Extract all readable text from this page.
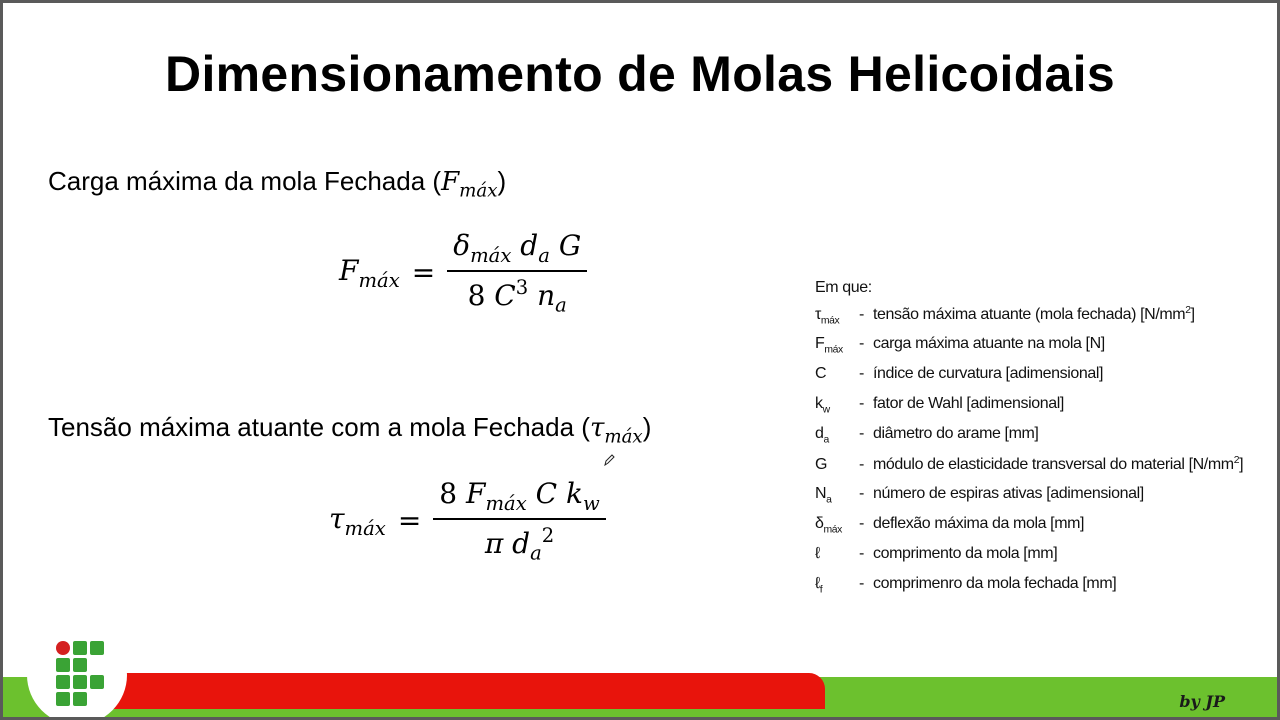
Dimensionamento de Molas Helicoidais
Carga máxima da mola Fechada $(F_{máx})$
$F_{máx} = \frac{\delta_{máx} d_a G}{8 C^3 n_a}$
Tensão máxima atuante com a mola Fechada $(\tau_{máx})$
$\tau_{máx} = \frac{8 F_{máx} C k_w}{\pi d_a^2}$
Em que:
$\tau_{máx}$	- tensão máxima atuante (mola fechada) $[N/mm^2]$
$F_{máx}$	- carga máxima atuante na mola [N]
C	- índice de curvatura [adimensional]
$k_w$	- fator de Wahl [adimensional]
$d_a$	- diâmetro do arame [mm]
G	- módulo de elasticidade transversal do material $[N/mm^2]$
$N_a$	- número de espiras ativas [adimensional]
$\delta_{máx}$	- deflexão máxima da mola [mm]
ℓ	- comprimento da mola [mm]
ℓ$_f$	- comprimenro da mola fechada [mm]
by JP
